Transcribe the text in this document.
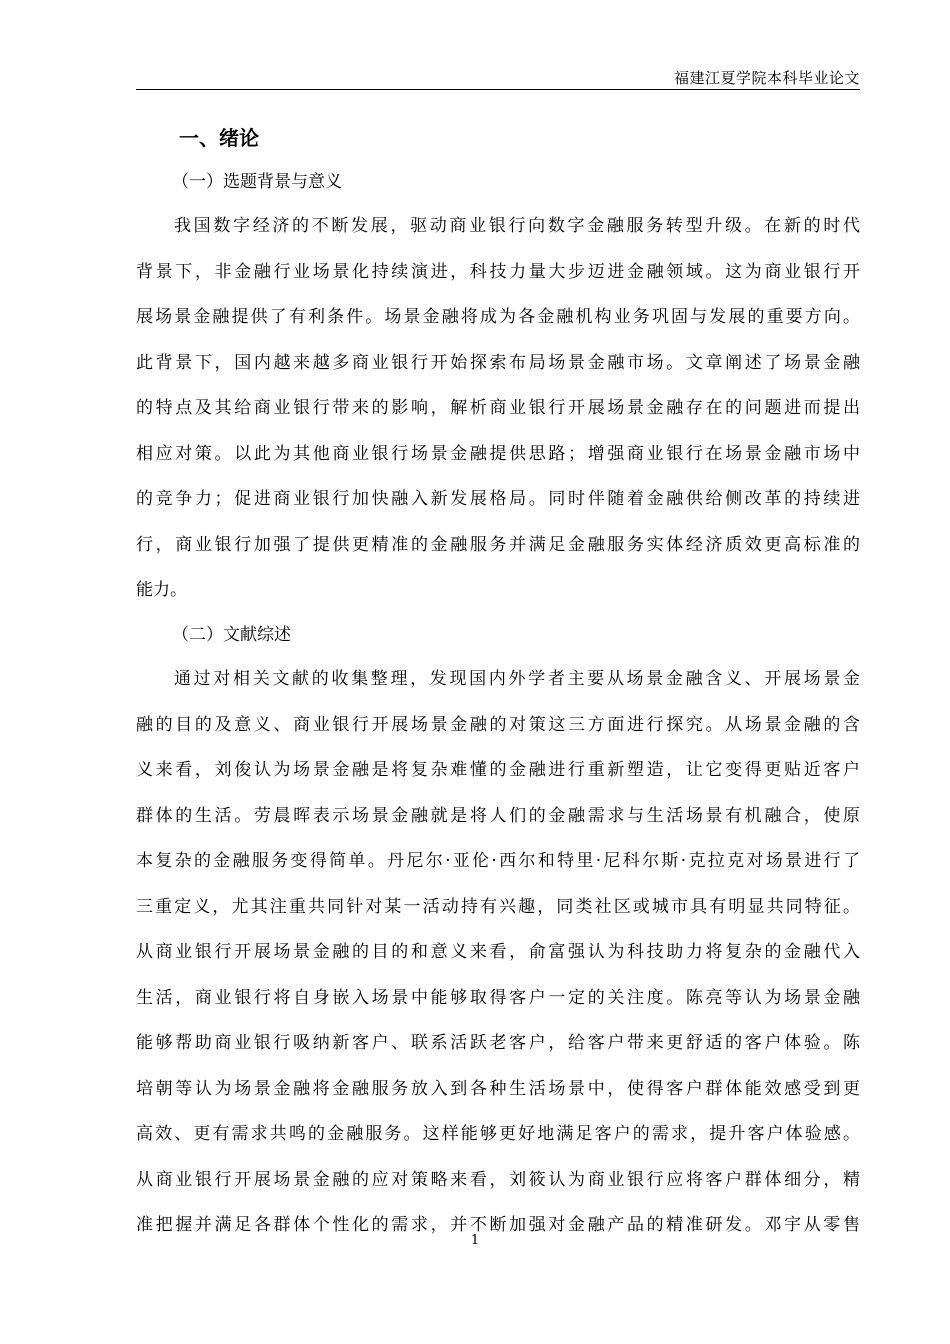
福建江夏学院本科毕业论文
一、绪论
（一）选题背景与意义
我国数字经济的不断发展，驱动商业银行向数字金融服务转型升级。在新的时代
背景下，非金融行业场景化持续演进，科技力量大步迈进金融领域。这为商业银行开
展场景金融提供了有利条件。场景金融将成为各金融机构业务巩固与发展的重要方向。
此背景下，国内越来越多商业银行开始探索布局场景金融市场。文章阐述了场景金融
的特点及其给商业银行带来的影响，解析商业银行开展场景金融存在的问题进而提出
相应对策。以此为其他商业银行场景金融提供思路；增强商业银行在场景金融市场中
的竞争力；促进商业银行加快融入新发展格局。同时伴随着金融供给侧改革的持续进
行，商业银行加强了提供更精准的金融服务并满足金融服务实体经济质效更高标准的
能力。
（二）文献综述
通过对相关文献的收集整理，发现国内外学者主要从场景金融含义、开展场景金
融的目的及意义、商业银行开展场景金融的对策这三方面进行探究。从场景金融的含
义来看，刘俊认为场景金融是将复杂难懂的金融进行重新塑造，让它变得更贴近客户
群体的生活。劳晨晖表示场景金融就是将人们的金融需求与生活场景有机融合，使原
本复杂的金融服务变得简单。丹尼尔·亚伦·西尔和特里·尼科尔斯·克拉克对场景进行了
三重定义，尤其注重共同针对某一活动持有兴趣，同类社区或城市具有明显共同特征。
从商业银行开展场景金融的目的和意义来看，俞富强认为科技助力将复杂的金融代入
生活，商业银行将自身嵌入场景中能够取得客户一定的关注度。陈亮等认为场景金融
能够帮助商业银行吸纳新客户、联系活跃老客户，给客户带来更舒适的客户体验。陈
培朝等认为场景金融将金融服务放入到各种生活场景中，使得客户群体能效感受到更
高效、更有需求共鸣的金融服务。这样能够更好地满足客户的需求，提升客户体验感。
从商业银行开展场景金融的应对策略来看，刘筱认为商业银行应将客户群体细分，精
准把握并满足各群体个性化的需求，并不断加强对金融产品的精准研发。邓宇从零售
1
